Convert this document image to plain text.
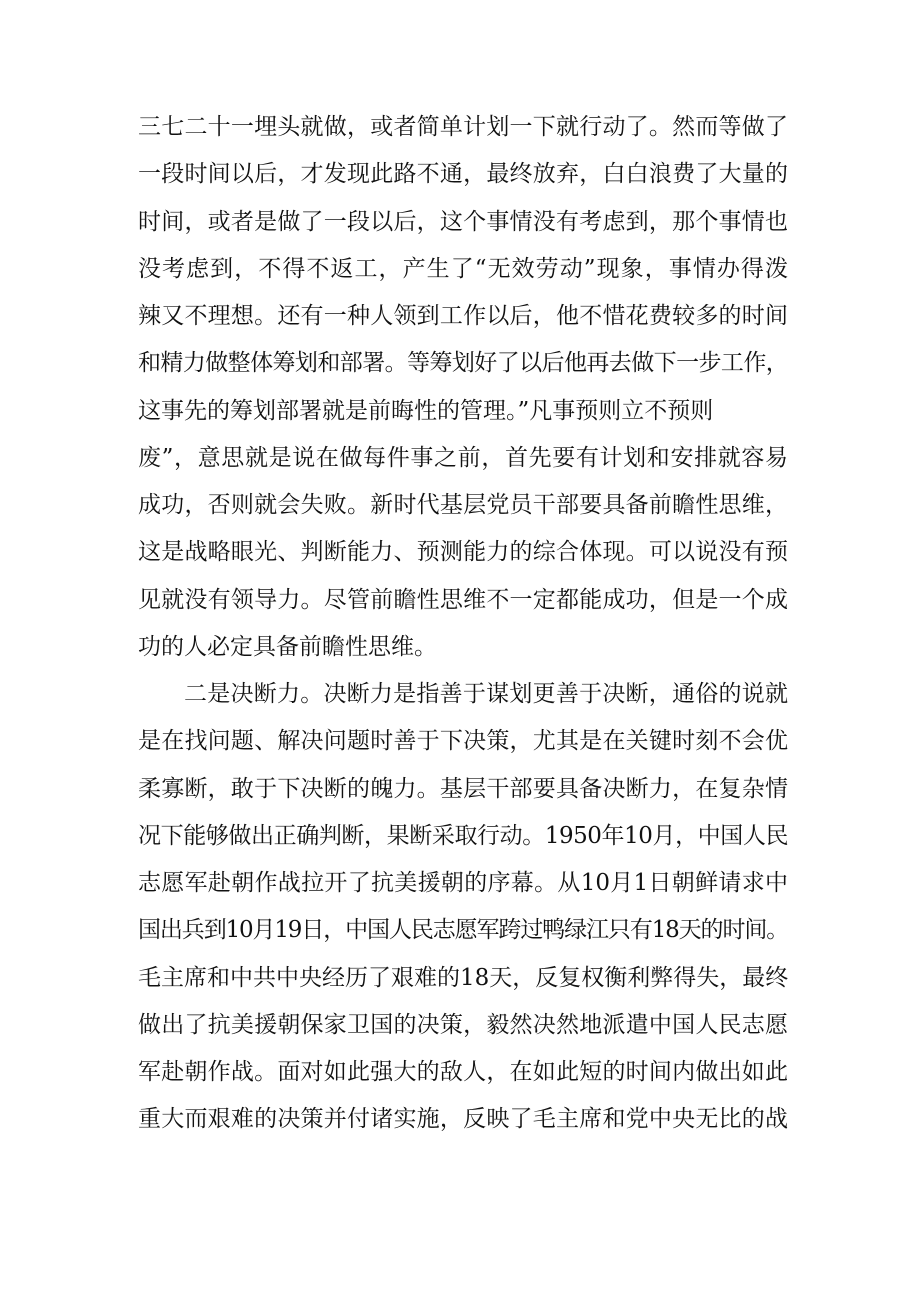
三七二十一埋头就做，或者简单计划一下就行动了。然而等做了
一段时间以后，才发现此路不通，最终放弃，白白浪费了大量的
时间，或者是做了一段以后，这个事情没有考虑到，那个事情也
没考虑到，不得不返工，产生了“无效劳动”现象，事情办得泼
辣又不理想。还有一种人领到工作以后，他不惜花费较多的时间
和精力做整体筹划和部署。等筹划好了以后他再去做下一步工作，
这事先的筹划部署就是前晦性的管理。”凡事预则立不预则
废”，意思就是说在做每件事之前，首先要有计划和安排就容易
成功，否则就会失败。新时代基层党员干部要具备前瞻性思维，
这是战略眼光、判断能力、预测能力的综合体现。可以说没有预
见就没有领导力。尽管前瞻性思维不一定都能成功，但是一个成
功的人必定具备前瞻性思维。
二是决断力。决断力是指善于谋划更善于决断，通俗的说就
是在找问题、解决问题时善于下决策，尤其是在关键时刻不会优
柔寡断，敢于下决断的魄力。基层干部要具备决断力，在复杂情
况下能够做出正确判断，果断采取行动。1950年10月，中国人民
志愿军赴朝作战拉开了抗美援朝的序幕。从10月1日朝鲜请求中
国出兵到10月19日，中国人民志愿军跨过鸭绿江只有18天的时间。
毛主席和中共中央经历了艰难的18天，反复权衡利弊得失，最终
做出了抗美援朝保家卫国的决策，毅然决然地派遣中国人民志愿
军赴朝作战。面对如此强大的敌人，在如此短的时间内做出如此
重大而艰难的决策并付诸实施，反映了毛主席和党中央无比的战
